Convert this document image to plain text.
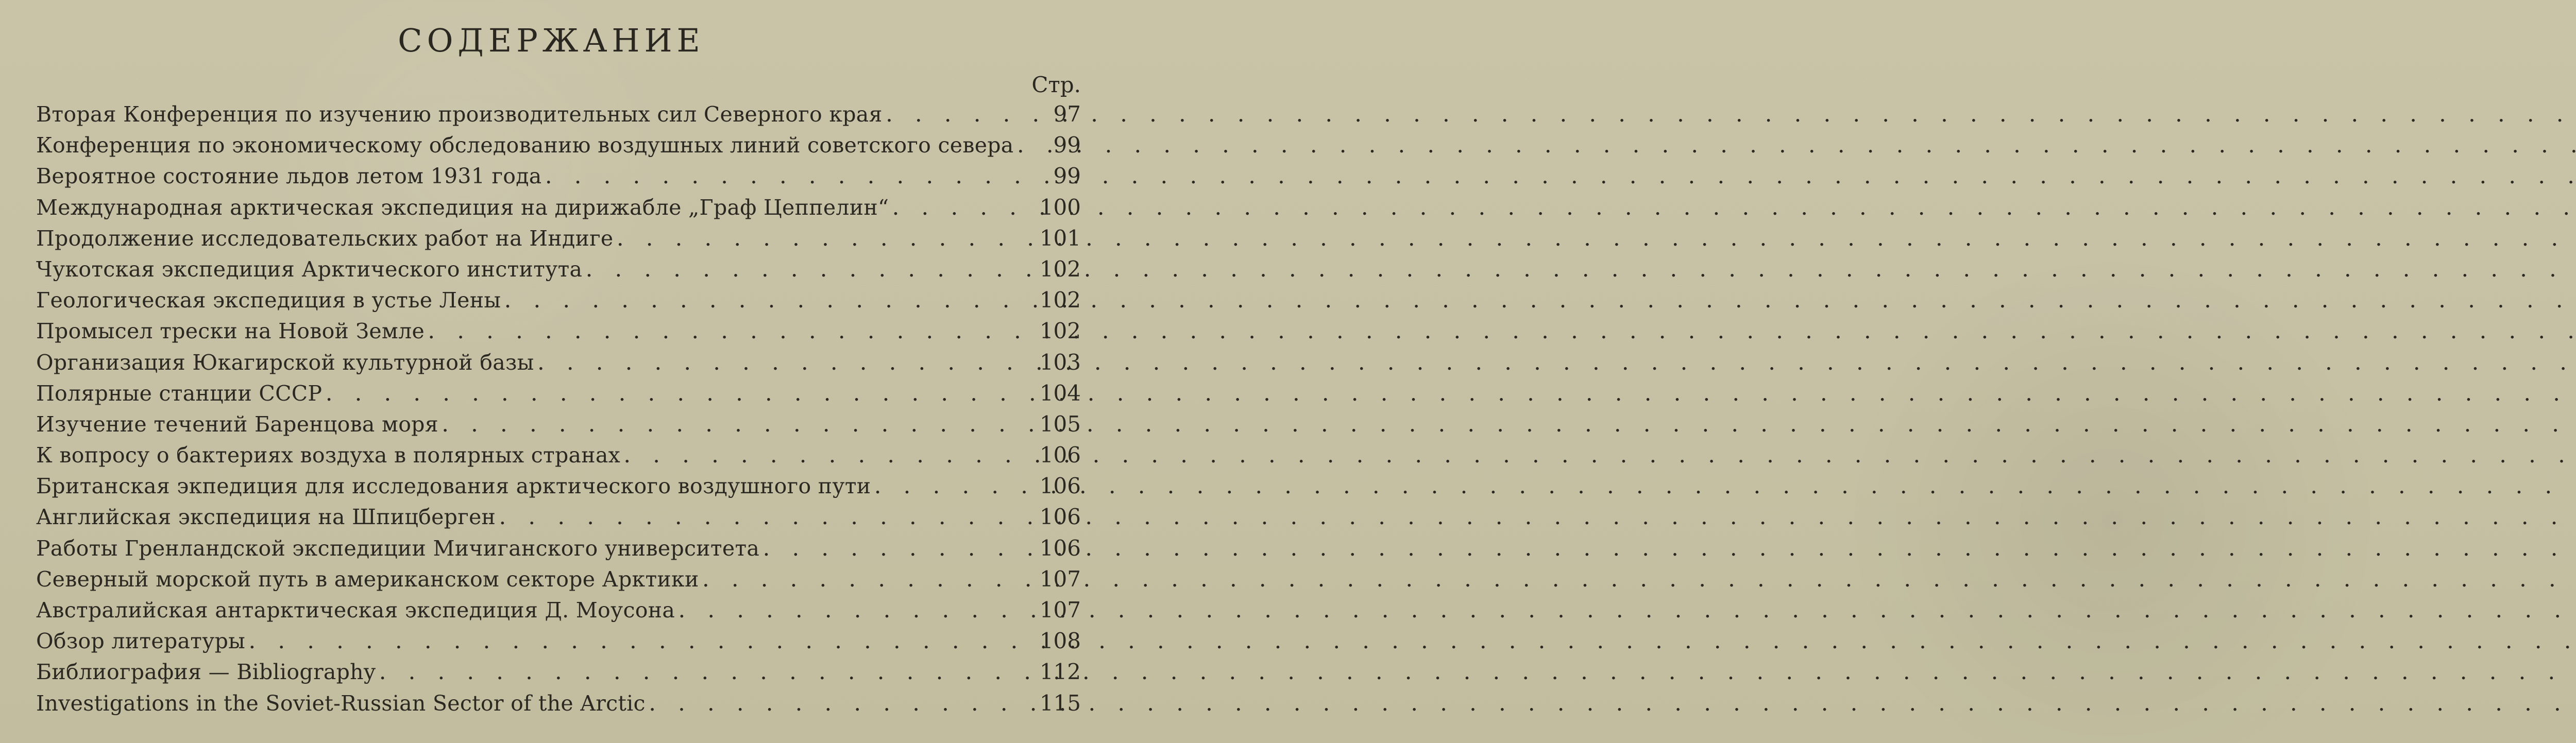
СОДЕРЖАНИЕ
Стр.
Вторая Конференция по изучению производительных сил Северного края . . .	97
Конференция по экономическому обследованию воздушных линий советского севера . . .	99
Вероятное состояние льдов летом 1931 года . . .	99
Международная арктическая экспедиция на дирижабле „Граф Цеппелин“ . . .	100
Продолжение исследовательских работ на Индиге . . .	101
Чукотская экспедиция Арктического института . . .	102
Геологическая экспедиция в устье Лены . . .	102
Промысел трески на Новой Земле . . .	102
Организация Юкагирской культурной базы . . .	103
Полярные станции СССР . . .	104
Изучение течений Баренцова моря . . .	105
К вопросу о бактериях воздуха в полярных странах . . .	106
Британская экпедиция для исследования арктического воздушного пути . . .	106
Английская экспедиция на Шпицберген . . .	106
Работы Гренландской экспедиции Мичиганского университета . . .	106
Северный морской путь в американском секторе Арктики . . .	107
Австралийская антарктическая экспедиция Д. Моусона . . .	107
Обзор литературы . . .	108
Библиография — Bibliography . . .	112
Investigations in the Soviet-Russian Sector of the Arctic . . .	115
